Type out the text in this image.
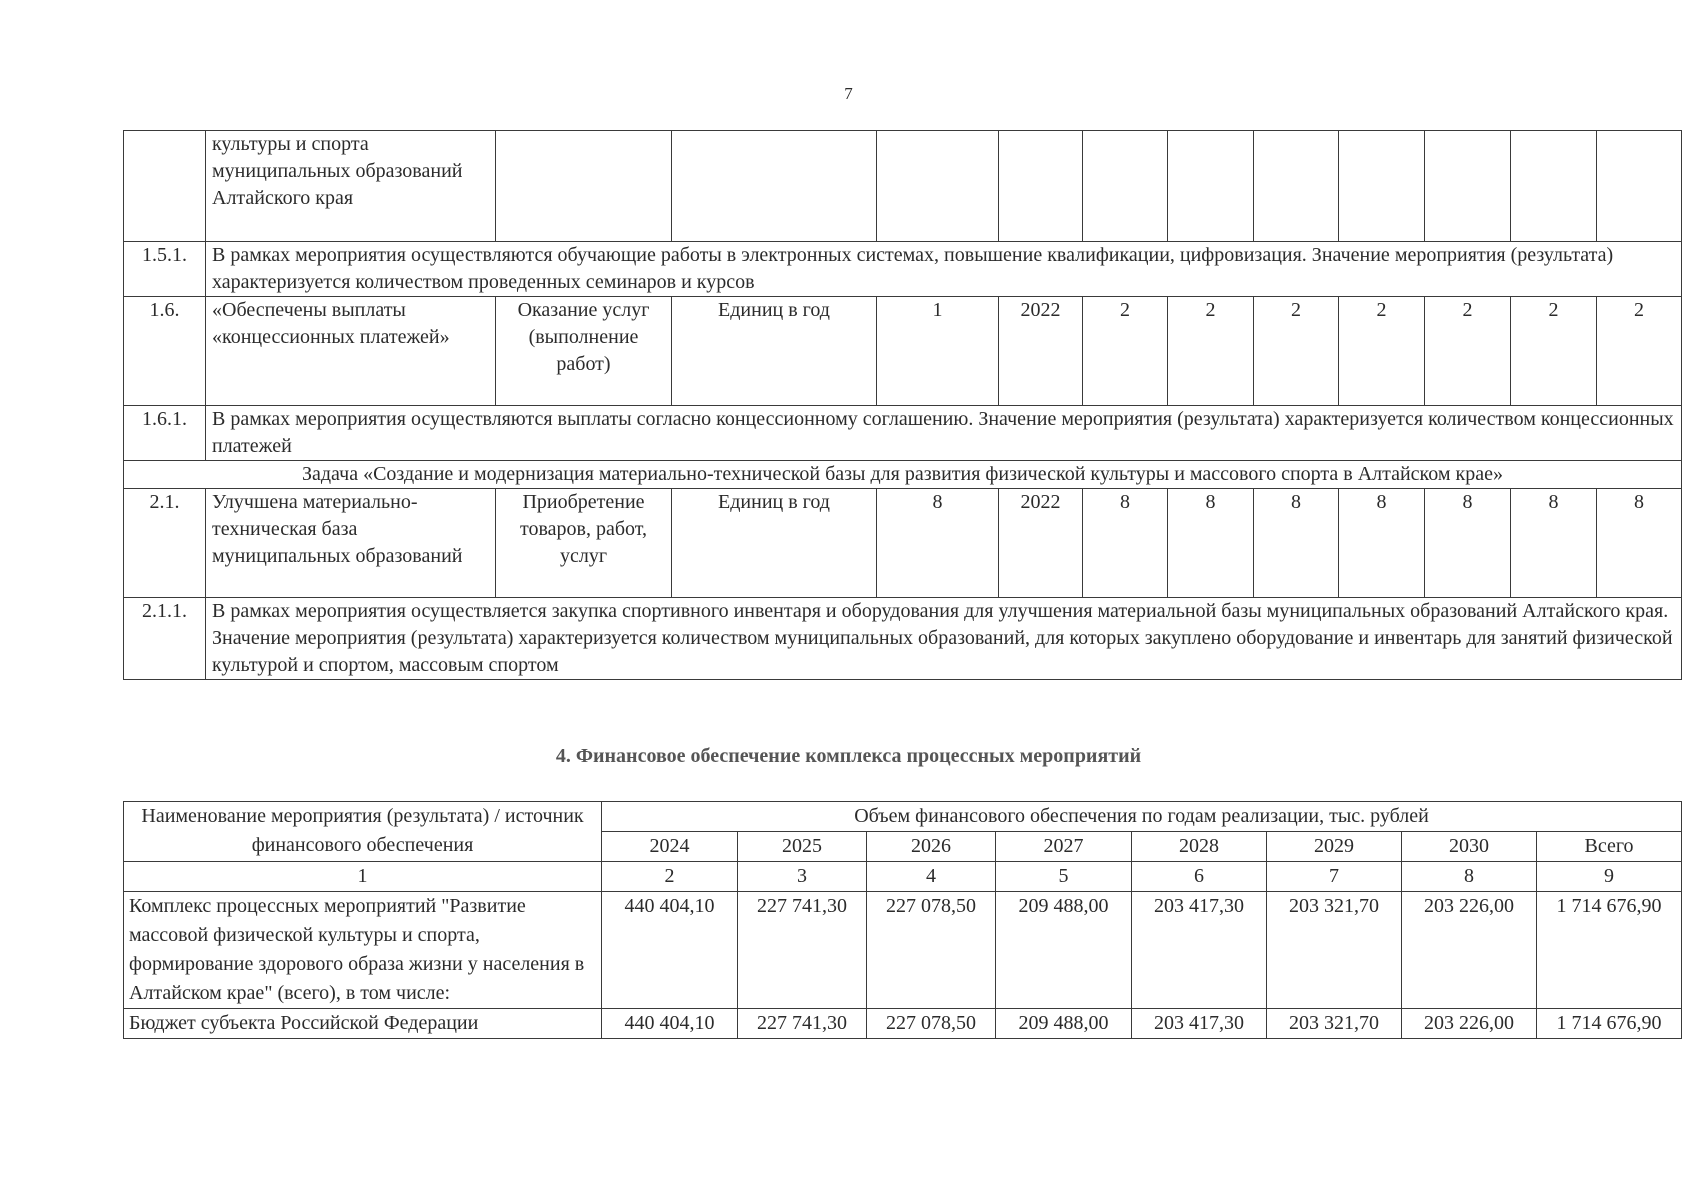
7
	культуры и спорта муниципальных образований Алтайского края											
1.5.1.	В рамках мероприятия осуществляются обучающие работы в электронных системах, повышение квалификации, цифровизация. Значение мероприятия (результата) характеризуется количеством проведенных семинаров и курсов											
1.6.	«Обеспечены выплаты «концессионных платежей»	Оказание услуг (выполнение работ)	Единиц в год	1	2022	2	2	2	2	2	2	2
1.6.1.	В рамках мероприятия осуществляются выплаты согласно концессионному соглашению. Значение мероприятия (результата) характеризуется количеством концессионных платежей											
Задача «Создание и модернизация материально-технической базы для развития физической культуры и массового спорта в Алтайском крае»												
2.1.	Улучшена материально-техническая база муниципальных образований	Приобретение товаров, работ, услуг	Единиц в год	8	2022	8	8	8	8	8	8	8
2.1.1.	В рамках мероприятия осуществляется закупка спортивного инвентаря и оборудования для улучшения материальной базы муниципальных образований Алтайского края. Значение мероприятия (результата) характеризуется количеством муниципальных образований, для которых закуплено оборудование и инвентарь для занятий физической культурой и спортом, массовым спортом											
4. Финансовое обеспечение комплекса процессных мероприятий
Наименование мероприятия (результата) / источник финансового обеспечения	Объем финансового обеспечения по годам реализации, тыс. рублей							
	2024	2025	2026	2027	2028	2029	2030	Всего
1	2	3	4	5	6	7	8	9
Комплекс процессных мероприятий "Развитие массовой физической культуры и спорта, формирование здорового образа жизни у населения в Алтайском крае" (всего), в том числе:	440 404,10	227 741,30	227 078,50	209 488,00	203 417,30	203 321,70	203 226,00	1 714 676,90
Бюджет субъекта Российской Федерации	440 404,10	227 741,30	227 078,50	209 488,00	203 417,30	203 321,70	203 226,00	1 714 676,90
